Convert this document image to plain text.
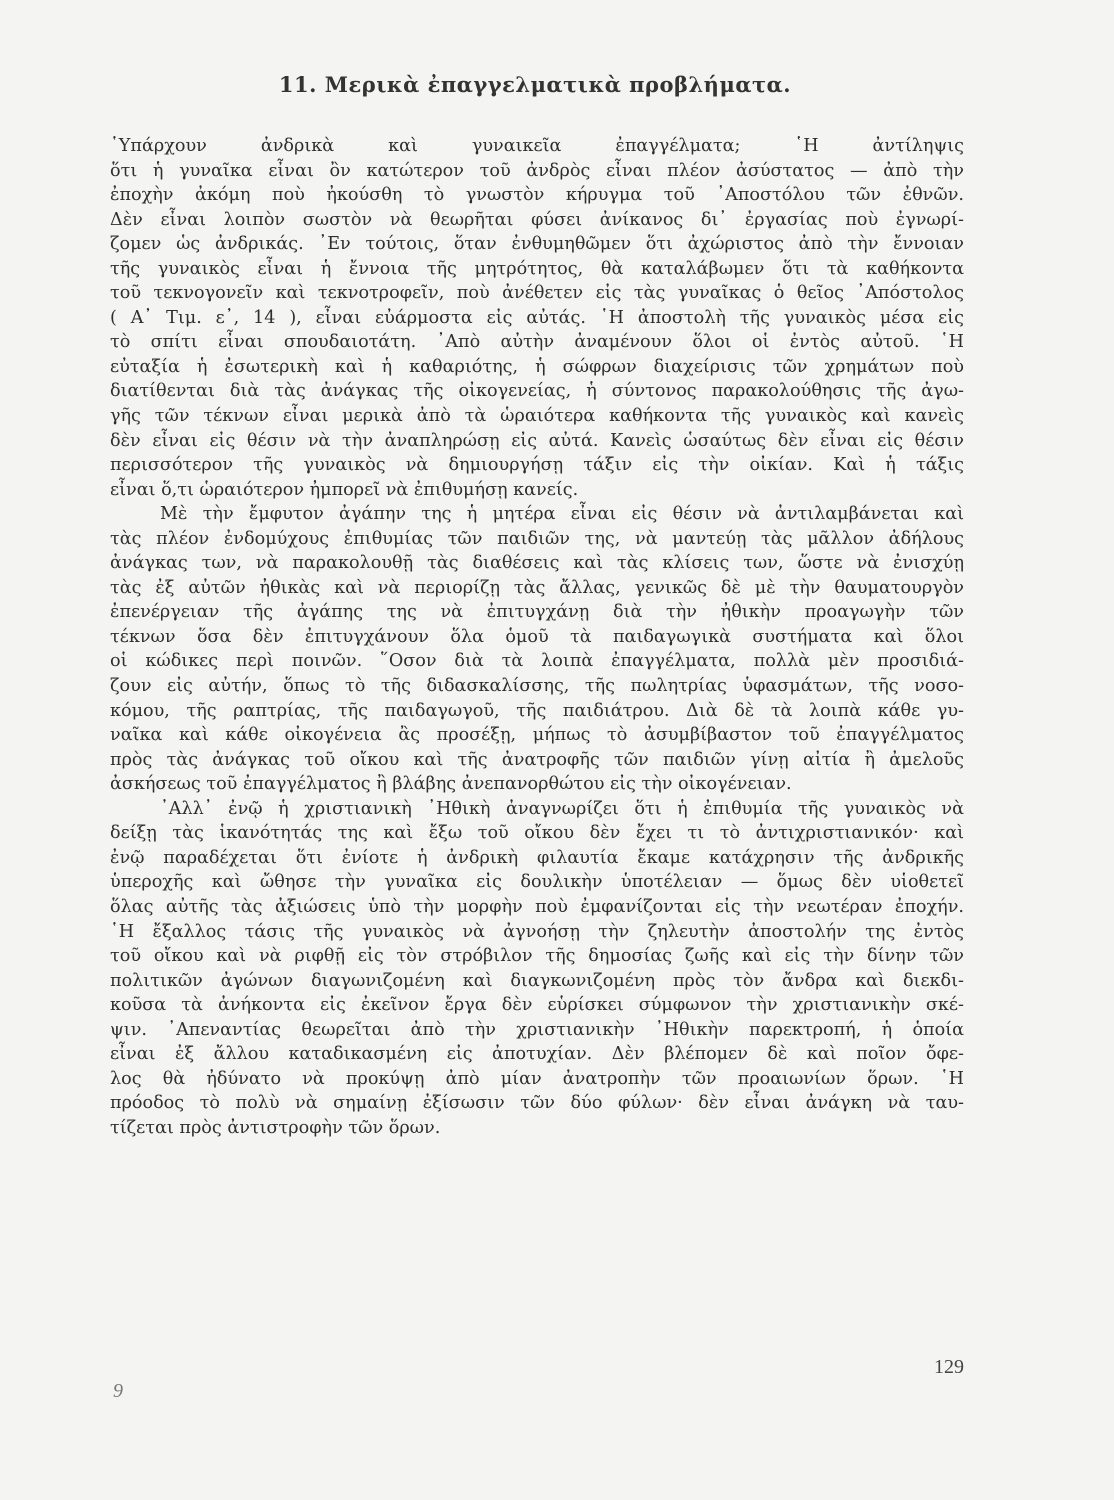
11. Μερικὰ ἐπαγγελματικὰ προβλήματα.
῾Υπάρχουν ἀνδρικὰ καὶ γυναικεῖα ἐπαγγέλματα; ῾Η ἀντίληψις
ὅτι ἡ γυναῖκα εἶναι ὂν κατώτερον τοῦ ἀνδρὸς εἶναι πλέον ἀσύστατος — ἀπὸ τὴν
ἐποχὴν ἀκόμη ποὺ ἠκούσθη τὸ γνωστὸν κήρυγμα τοῦ ᾿Αποστόλου τῶν ἐθνῶν.
Δὲν εἶναι λοιπὸν σωστὸν νὰ θεωρῆται φύσει ἀνίκανος δι᾿ ἐργασίας ποὺ ἐγνωρί-
ζομεν ὡς ἀνδρικάς. ᾿Εν τούτοις, ὅταν ἐνθυμηθῶμεν ὅτι ἀχώριστος ἀπὸ τὴν ἔννοιαν
τῆς γυναικὸς εἶναι ἡ ἔννοια τῆς μητρότητος, θὰ καταλάβωμεν ὅτι τὰ καθήκοντα
τοῦ τεκνογονεῖν καὶ τεκνοτροφεῖν, ποὺ ἀνέθετεν εἰς τὰς γυναῖκας ὁ θεῖος ᾿Απόστολος
( Α᾿ Τιμ. ε᾿, 14 ), εἶναι εὐάρμοστα εἰς αὐτάς. ῾Η ἀποστολὴ τῆς γυναικὸς μέσα εἰς
τὸ σπίτι εἶναι σπουδαιοτάτη. ᾿Απὸ αὐτὴν ἀναμένουν ὅλοι οἱ ἐντὸς αὐτοῦ. ῾Η
εὐταξία ἡ ἐσωτερικὴ καὶ ἡ καθαριότης, ἡ σώφρων διαχείρισις τῶν χρημάτων ποὺ
διατίθενται διὰ τὰς ἀνάγκας τῆς οἰκογενείας, ἡ σύντονος παρακολούθησις τῆς ἀγω-
γῆς τῶν τέκνων εἶναι μερικὰ ἀπὸ τὰ ὡραιότερα καθήκοντα τῆς γυναικὸς καὶ κανεὶς
δὲν εἶναι εἰς θέσιν νὰ τὴν ἀναπληρώσῃ εἰς αὐτά. Κανεὶς ὡσαύτως δὲν εἶναι εἰς θέσιν
περισσότερον τῆς γυναικὸς νὰ δημιουργήσῃ τάξιν εἰς τὴν οἰκίαν. Καὶ ἡ τάξις
εἶναι ὅ,τι ὡραιότερον ἠμπορεῖ νὰ ἐπιθυμήσῃ κανείς.
Μὲ τὴν ἔμφυτον ἀγάπην της ἡ μητέρα εἶναι εἰς θέσιν νὰ ἀντιλαμβάνεται καὶ
τὰς πλέον ἐνδομύχους ἐπιθυμίας τῶν παιδιῶν της, νὰ μαντεύῃ τὰς μᾶλλον ἀδήλους
ἀνάγκας των, νὰ παρακολουθῇ τὰς διαθέσεις καὶ τὰς κλίσεις των, ὥστε νὰ ἐνισχύῃ
τὰς ἐξ αὐτῶν ἠθικὰς καὶ νὰ περιορίζῃ τὰς ἄλλας, γενικῶς δὲ μὲ τὴν θαυματουργὸν
ἐπενέργειαν τῆς ἀγάπης της νὰ ἐπιτυγχάνῃ διὰ τὴν ἠθικὴν προαγωγὴν τῶν
τέκνων ὅσα δὲν ἐπιτυγχάνουν ὅλα ὁμοῦ τὰ παιδαγωγικὰ συστήματα καὶ ὅλοι
οἱ κώδικες περὶ ποινῶν. ῞Οσον διὰ τὰ λοιπὰ ἐπαγγέλματα, πολλὰ μὲν προσιδιά-
ζουν εἰς αὐτήν, ὅπως τὸ τῆς διδασκαλίσσης, τῆς πωλητρίας ὑφασμάτων, τῆς νοσο-
κόμου, τῆς ραπτρίας, τῆς παιδαγωγοῦ, τῆς παιδιάτρου. Διὰ δὲ τὰ λοιπὰ κάθε γυ-
ναῖκα καὶ κάθε οἰκογένεια ἂς προσέξῃ, μήπως τὸ ἀσυμβίβαστον τοῦ ἐπαγγέλματος
πρὸς τὰς ἀνάγκας τοῦ οἴκου καὶ τῆς ἀνατροφῆς τῶν παιδιῶν γίνῃ αἰτία ἢ ἀμελοῦς
ἀσκήσεως τοῦ ἐπαγγέλματος ἢ βλάβης ἀνεπανορθώτου εἰς τὴν οἰκογένειαν.
᾿Αλλ᾿ ἐνῷ ἡ χριστιανικὴ ᾿Ηθικὴ ἀναγνωρίζει ὅτι ἡ ἐπιθυμία τῆς γυναικὸς νὰ
δείξῃ τὰς ἱκανότητάς της καὶ ἔξω τοῦ οἴκου δὲν ἔχει τι τὸ ἀντιχριστιανικόν· καὶ
ἐνῷ παραδέχεται ὅτι ἐνίοτε ἡ ἀνδρικὴ φιλαυτία ἔκαμε κατάχρησιν τῆς ἀνδρικῆς
ὑπεροχῆς καὶ ὤθησε τὴν γυναῖκα εἰς δουλικὴν ὑποτέλειαν — ὅμως δὲν υἱοθετεῖ
ὅλας αὐτῆς τὰς ἀξιώσεις ὑπὸ τὴν μορφὴν ποὺ ἐμφανίζονται εἰς τὴν νεωτέραν ἐποχήν.
῾Η ἔξαλλος τάσις τῆς γυναικὸς νὰ ἀγνοήσῃ τὴν ζηλευτὴν ἀποστολήν της ἐντὸς
τοῦ οἴκου καὶ νὰ ριφθῇ εἰς τὸν στρόβιλον τῆς δημοσίας ζωῆς καὶ εἰς τὴν δίνην τῶν
πολιτικῶν ἀγώνων διαγωνιζομένη καὶ διαγκωνιζομένη πρὸς τὸν ἄνδρα καὶ διεκδι-
κοῦσα τὰ ἀνήκοντα εἰς ἐκεῖνον ἔργα δὲν εὑρίσκει σύμφωνον τὴν χριστιανικὴν σκέ-
ψιν. ᾿Απεναντίας θεωρεῖται ἀπὸ τὴν χριστιανικὴν ᾿Ηθικὴν παρεκτροπή, ἡ ὁποία
εἶναι ἐξ ἄλλου καταδικασμένη εἰς ἀποτυχίαν. Δὲν βλέπομεν δὲ καὶ ποῖον ὄφε-
λος θὰ ἠδύνατο νὰ προκύψῃ ἀπὸ μίαν ἀνατροπὴν τῶν προαιωνίων ὅρων. ῾Η
πρόοδος τὸ πολὺ νὰ σημαίνῃ ἐξίσωσιν τῶν δύο φύλων· δὲν εἶναι ἀνάγκη νὰ ταυ-
τίζεται πρὸς ἀντιστροφὴν τῶν ὅρων.
129
9
